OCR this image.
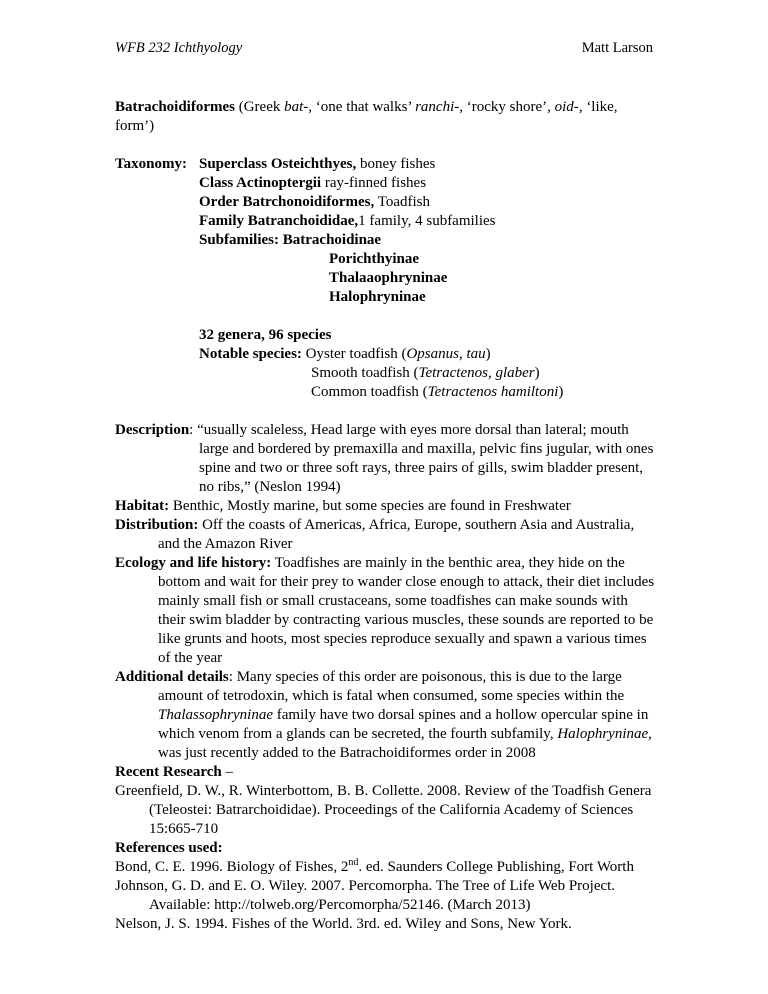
WFB 232 Ichthyology	Matt Larson

Batrachoidiformes (Greek bat-, ‘one that walks’ ranchi-, ‘rocky shore’, oid-, ‘like, form’)

Taxonomy: Superclass Osteichthyes, boney fishes

Class Actinoptergii ray-finned fishes

Order Batrchonoidiformes, Toadfish

Family Batranchoididae,1 family, 4 subfamilies

Subfamilies: Batrachoidinae

Porichthyinae

Thalaaophryninae

Halophryninae

32 genera, 96 species

Notable species: Oyster toadfish (Opsanus, tau)

Smooth toadfish (Tetractenos, glaber)

Common toadfish (Tetractenos hamiltoni)

Description: “usually scaleless, Head large with eyes more dorsal than lateral; mouth large and bordered by premaxilla and maxilla, pelvic fins jugular, with ones spine and two or three soft rays, three pairs of gills, swim bladder present, no ribs,” (Neslon 1994)

Habitat: Benthic, Mostly marine, but some species are found in Freshwater

Distribution: Off the coasts of Americas, Africa, Europe, southern Asia and Australia, and the Amazon River

Ecology and life history: Toadfishes are mainly in the benthic area, they hide on the bottom and wait for their prey to wander close enough to attack, their diet includes mainly small fish or small crustaceans, some toadfishes can make sounds with their swim bladder by contracting various muscles, these sounds are reported to be like grunts and hoots, most species reproduce sexually and spawn a various times of the year

Additional details: Many species of this order are poisonous, this is due to the large amount of tetrodoxin, which is fatal when consumed, some species within the Thalassophryninae family have two dorsal spines and a hollow opercular spine in which venom from a glands can be secreted, the fourth subfamily, Halophryninae, was just recently added to the Batrachoidiformes order in 2008

Recent Research –

Greenfield, D. W., R. Winterbottom, B. B. Collette. 2008. Review of the Toadfish Genera (Teleostei: Batrarchoididae). Proceedings of the California Academy of Sciences 15:665-710

References used:

Bond, C. E. 1996. Biology of Fishes, 2nd. ed. Saunders College Publishing, Fort Worth

Johnson, G. D. and E. O. Wiley. 2007. Percomorpha. The Tree of Life Web Project. Available: http://tolweb.org/Percomorpha/52146. (March 2013)

Nelson, J. S. 1994. Fishes of the World. 3rd. ed. Wiley and Sons, New York.
